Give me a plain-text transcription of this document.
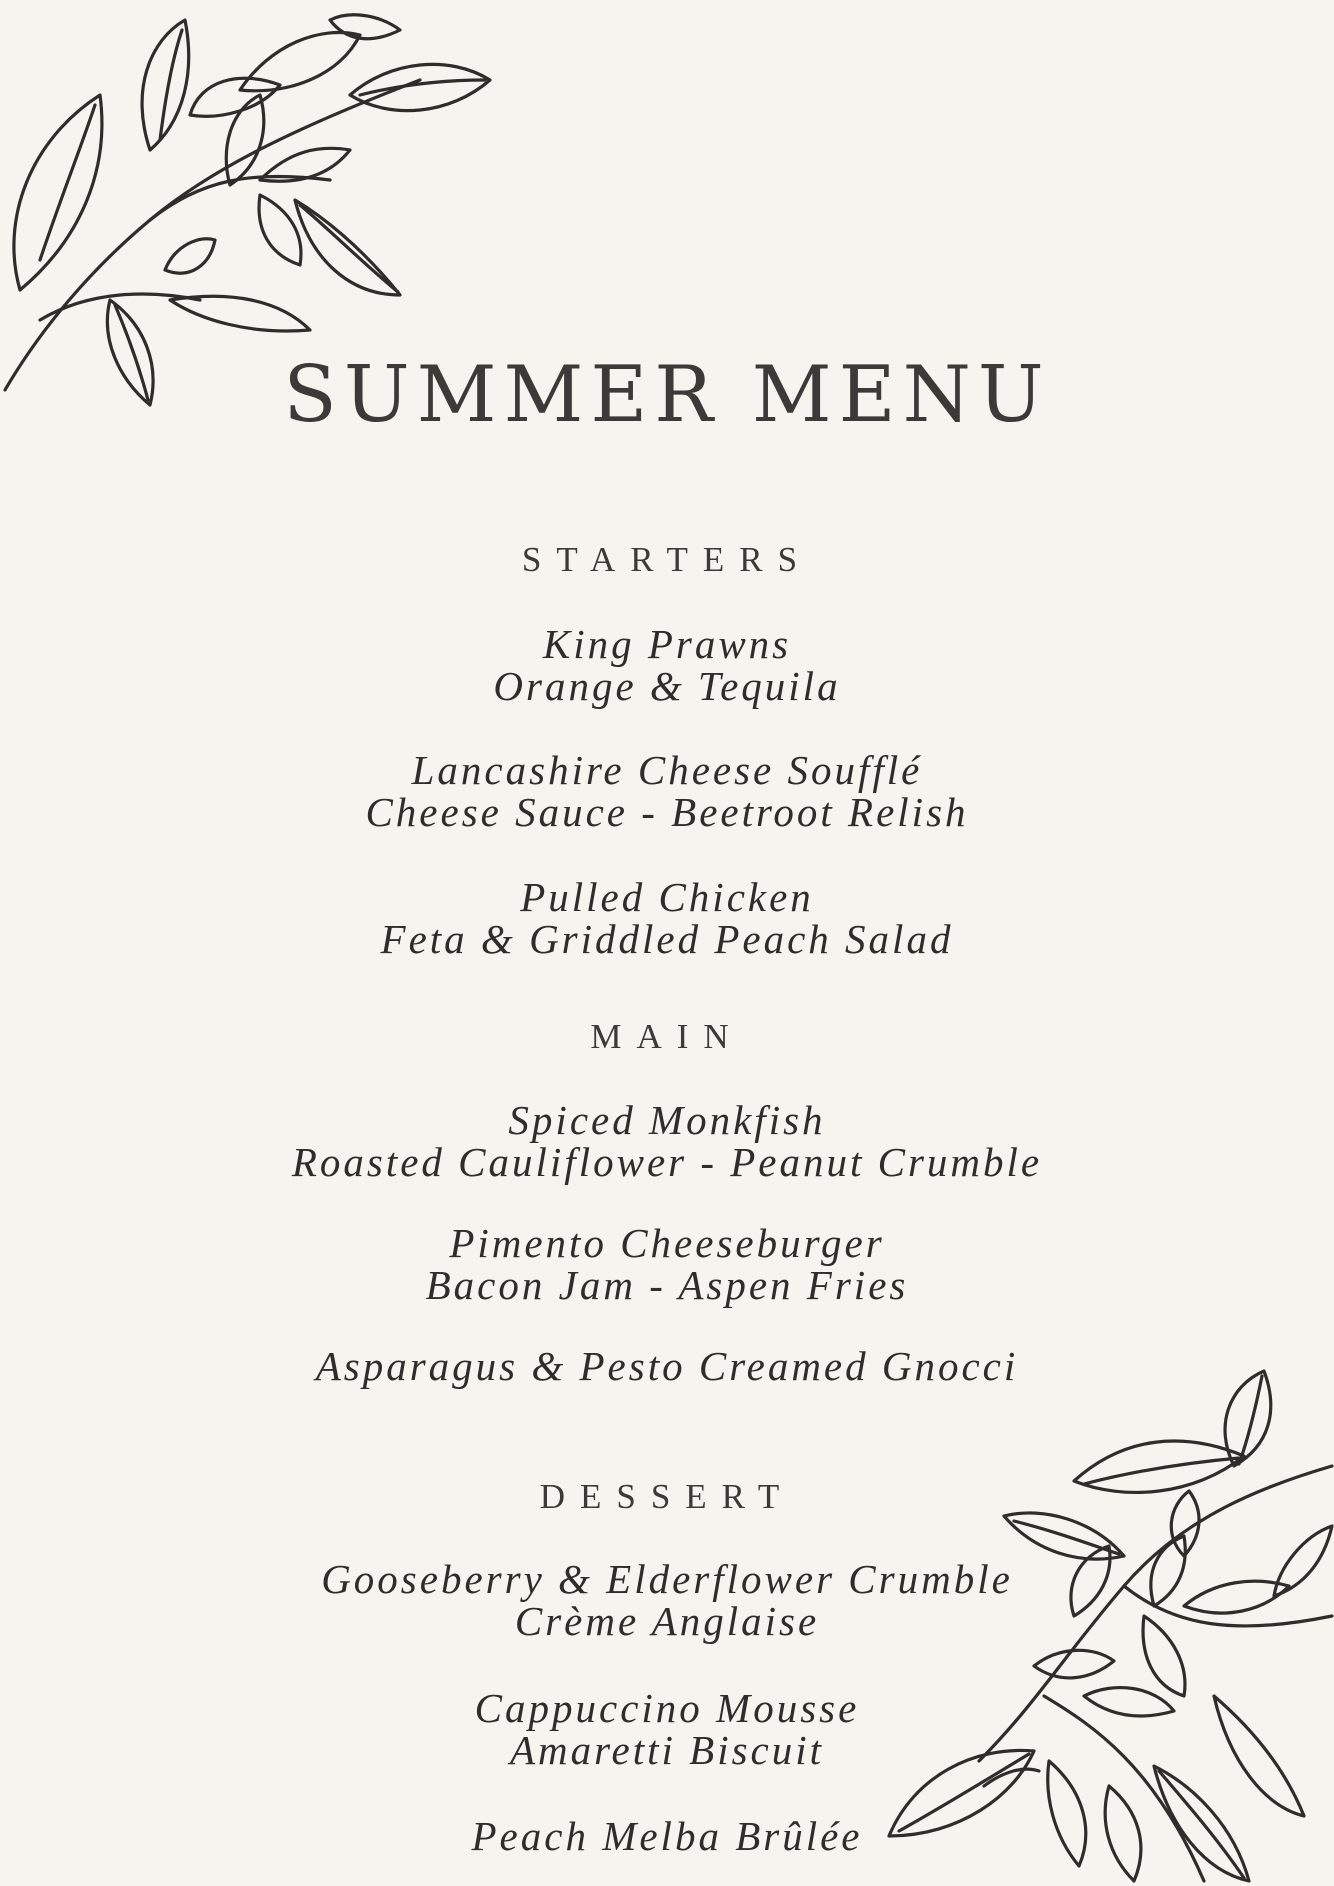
SUMMER MENU
STARTERS
King Prawns
Orange & Tequila
Lancashire Cheese Soufflé
Cheese Sauce - Beetroot Relish
Pulled Chicken
Feta & Griddled Peach Salad
MAIN
Spiced Monkfish
Roasted Cauliflower - Peanut Crumble
Pimento Cheeseburger
Bacon Jam - Aspen Fries
Asparagus & Pesto Creamed Gnocci
DESSERT
Gooseberry & Elderflower Crumble
Crème Anglaise
Cappuccino Mousse
Amaretti Biscuit
Peach Melba Brûlée
